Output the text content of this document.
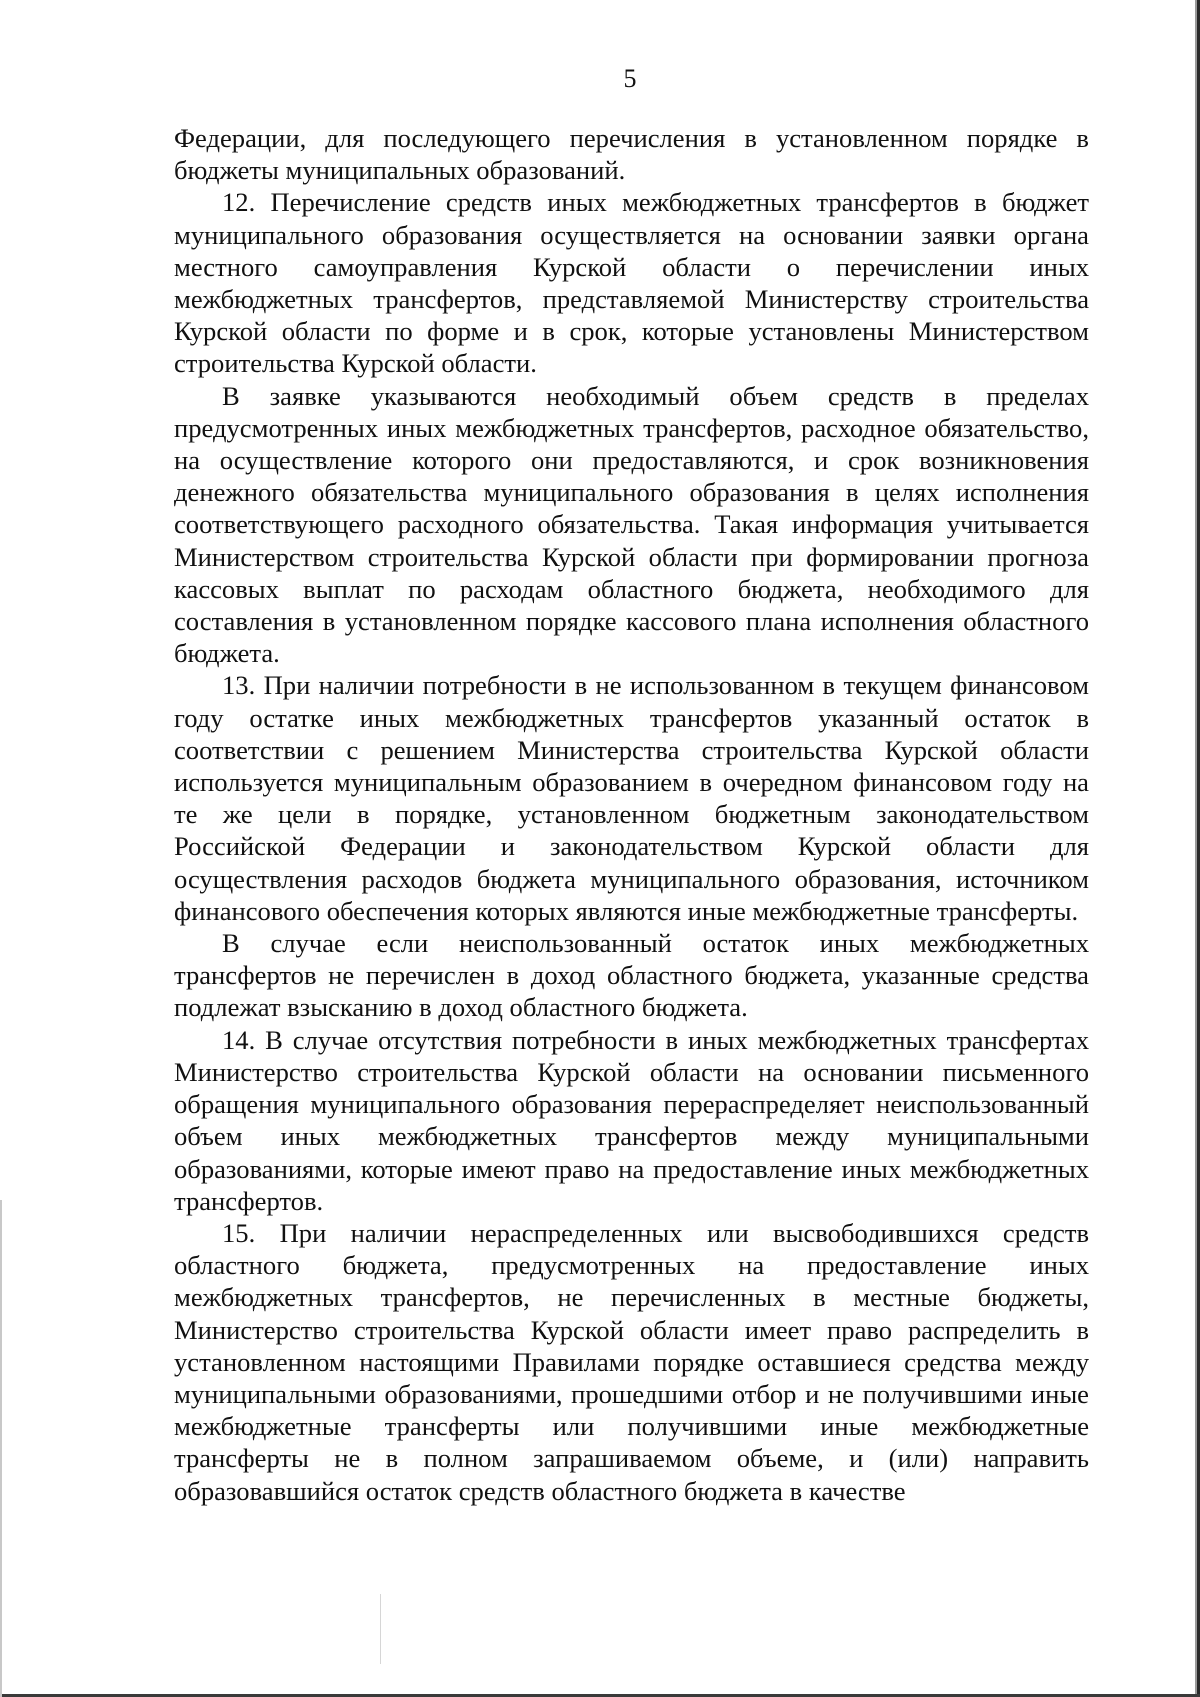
5

Федерации, для последующего перечисления в установленном порядке в бюджеты муниципальных образований.

12. Перечисление средств иных межбюджетных трансфертов в бюджет муниципального образования осуществляется на основании заявки органа местного самоуправления Курской области о перечислении иных межбюджетных трансфертов, представляемой Министерству строительства Курской области по форме и в срок, которые установлены Министерством строительства Курской области.

В заявке указываются необходимый объем средств в пределах предусмотренных иных межбюджетных трансфертов, расходное обязательство, на осуществление которого они предоставляются, и срок возникновения денежного обязательства муниципального образования в целях исполнения соответствующего расходного обязательства. Такая информация учитывается Министерством строительства Курской области при формировании прогноза кассовых выплат по расходам областного бюджета, необходимого для составления в установленном порядке кассового плана исполнения областного бюджета.

13. При наличии потребности в не использованном в текущем финансовом году остатке иных межбюджетных трансфертов указанный остаток в соответствии с решением Министерства строительства Курской области используется муниципальным образованием в очередном финансовом году на те же цели в порядке, установленном бюджетным законодательством Российской Федерации и законодательством Курской области для осуществления расходов бюджета муниципального образования, источником финансового обеспечения которых являются иные межбюджетные трансферты.

В случае если неиспользованный остаток иных межбюджетных трансфертов не перечислен в доход областного бюджета, указанные средства подлежат взысканию в доход областного бюджета.

14. В случае отсутствия потребности в иных межбюджетных трансфертах Министерство строительства Курской области на основании письменного обращения муниципального образования перераспределяет неиспользованный объем иных межбюджетных трансфертов между муниципальными образованиями, которые имеют право на предоставление иных межбюджетных трансфертов.

15. При наличии нераспределенных или высвободившихся средств областного бюджета, предусмотренных на предоставление иных межбюджетных трансфертов, не перечисленных в местные бюджеты, Министерство строительства Курской области имеет право распределить в установленном настоящими Правилами порядке оставшиеся средства между муниципальными образованиями, прошедшими отбор и не получившими иные межбюджетные трансферты или получившими иные межбюджетные трансферты не в полном запрашиваемом объеме, и (или) направить образовавшийся остаток средств областного бюджета в качестве
